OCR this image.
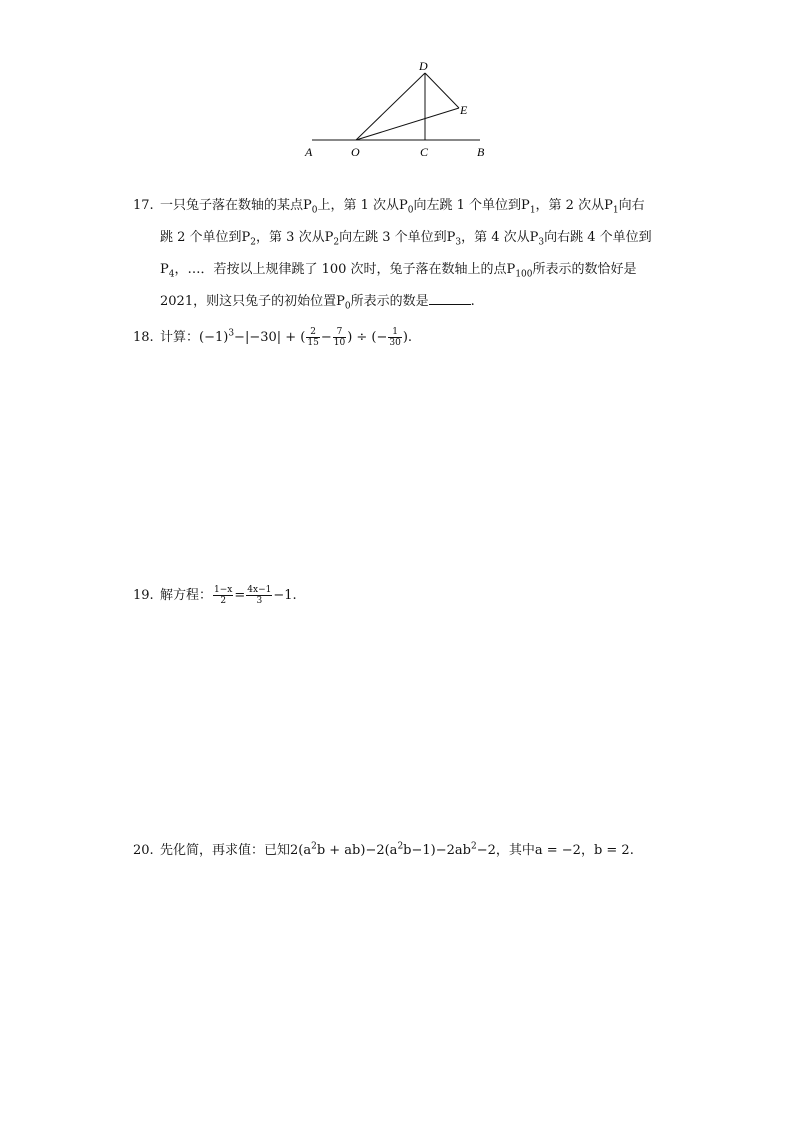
A	O	C	B
D
E
17. 一只兔子落在数轴的某点$P_0$上，第 1 次从$P_0$向左跳 1 个单位到$P_1$，第 2 次从$P_1$向右
跳 2 个单位到$P_2$，第 3 次从$P_2$向左跳 3 个单位到$P_3$，第 4 次从$P_3$向右跳 4 个单位到
$P_4$，…．若按以上规律跳了 100 次时，兔子落在数轴上的点$P_{100}$所表示的数恰好是
2021，则这只兔子的初始位置$P_0$所表示的数是	.
18. 计算：$(-1)^3-|-30|$ + ( $\frac{2}{15} - \frac{7}{10}$ ) ÷ (− $\frac{1}{30}$ ).
19. 解方程： $\frac{1-x}{2} = \frac{4x-1}{3} -1$.
20. 先化简，再求值：已知$2(a^2b + ab)-2(a^2b-1)-2ab^2-2$，其中a = −2，b = 2.
